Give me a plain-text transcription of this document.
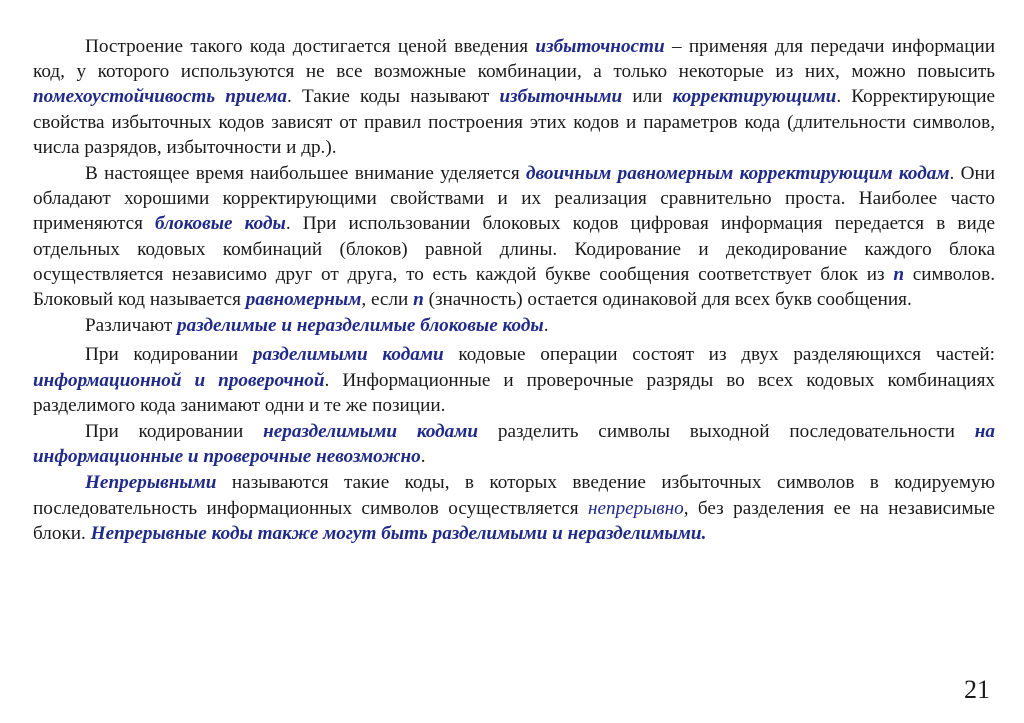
Построение такого кода достигается ценой введения избыточности – применяя для передачи информации код, у которого используются не все возможные комбинации, а только некоторые из них, можно повысить помехоустойчивость приема. Такие коды называют избыточными или корректирующими. Корректирующие свойства избыточных кодов зависят от правил построения этих кодов и параметров кода (длительности символов, числа разрядов, избыточности и др.).

В настоящее время наибольшее внимание уделяется двоичным равномерным корректирующим кодам. Они обладают хорошими корректирующими свойствами и их реализация сравнительно проста. Наиболее часто применяются блоковые коды. При использовании блоковых кодов цифровая информация передается в виде отдельных кодовых комбинаций (блоков) равной длины. Кодирование и декодирование каждого блока осуществляется независимо друг от друга, то есть каждой букве сообщения соответствует блок из n символов. Блоковый код называется равномерным, если n (значность) остается одинаковой для всех букв сообщения.

Различают разделимые и неразделимые блоковые коды.

При кодировании разделимыми кодами кодовые операции состоят из двух разделяющихся частей: информационной и проверочной. Информационные и проверочные разряды во всех кодовых комбинациях разделимого кода занимают одни и те же позиции.

При кодировании неразделимыми кодами разделить символы выходной последовательности на информационные и проверочные невозможно.

Непрерывными называются такие коды, в которых введение избыточных символов в кодируемую последовательность информационных символов осуществляется непрерывно, без разделения ее на независимые блоки. Непрерывные коды также могут быть разделимыми и неразделимыми.

21
